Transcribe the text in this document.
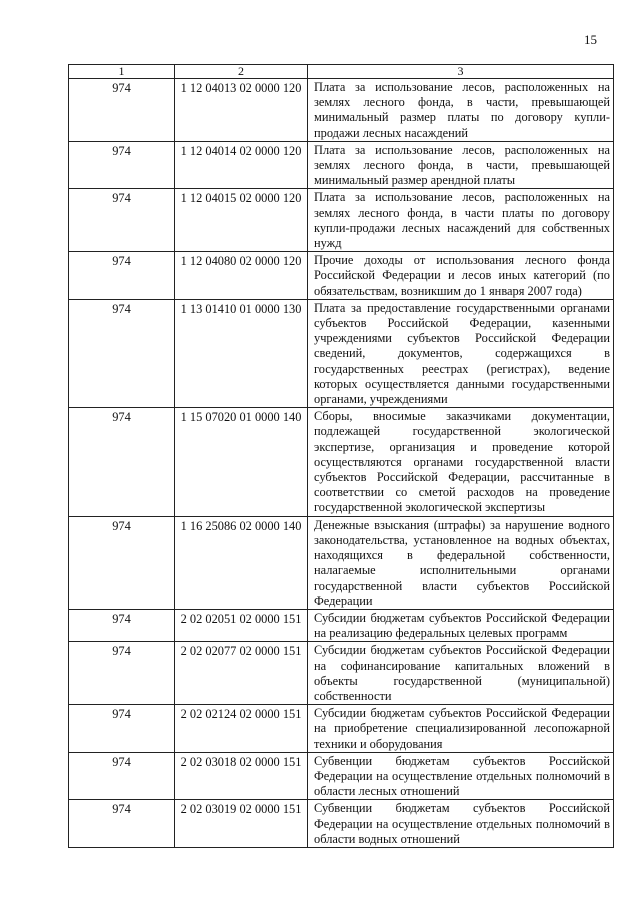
15
1	2	3
974	1 12 04013 02 0000 120	Плата за использование лесов, расположенных на землях лесного фонда, в части, превышающей минимальный размер платы по договору купли-продажи лесных насаждений
974	1 12 04014 02 0000 120	Плата за использование лесов, расположенных на землях лесного фонда, в части, превышающей минимальный размер арендной платы
974	1 12 04015 02 0000 120	Плата за использование лесов, расположенных на землях лесного фонда, в части платы по договору купли-продажи лесных насаждений для собственных нужд
974	1 12 04080 02 0000 120	Прочие доходы от использования лесного фонда Российской Федерации и лесов иных категорий (по обязательствам, возникшим до 1 января 2007 года)
974	1 13 01410 01 0000 130	Плата за предоставление государственными органами субъектов Российской Федерации, казенными учреждениями субъектов Российской Федерации сведений, документов, содержащихся в государственных реестрах (регистрах), ведение которых осуществляется данными государственными органами, учреждениями
974	1 15 07020 01 0000 140	Сборы, вносимые заказчиками документации, подлежащей государственной экологической экспертизе, организация и проведение которой осуществляются органами государственной власти субъектов Российской Федерации, рассчитанные в соответствии со сметой расходов на проведение государственной экологической экспертизы
974	1 16 25086 02 0000 140	Денежные взыскания (штрафы) за нарушение водного законодательства, установленное на водных объектах, находящихся в федеральной собственности, налагаемые исполнительными органами государственной власти субъектов Российской Федерации
974	2 02 02051 02 0000 151	Субсидии бюджетам субъектов Российской Федерации на реализацию федеральных целевых программ
974	2 02 02077 02 0000 151	Субсидии бюджетам субъектов Российской Федерации на софинансирование капитальных вложений в объекты государственной (муниципальной) собственности
974	2 02 02124 02 0000 151	Субсидии бюджетам субъектов Российской Федерации на приобретение специализированной лесопожарной техники и оборудования
974	2 02 03018 02 0000 151	Субвенции бюджетам субъектов Российской Федерации на осуществление отдельных полномочий в области лесных отношений
974	2 02 03019 02 0000 151	Субвенции бюджетам субъектов Российской Федерации на осуществление отдельных полномочий в области водных отношений
